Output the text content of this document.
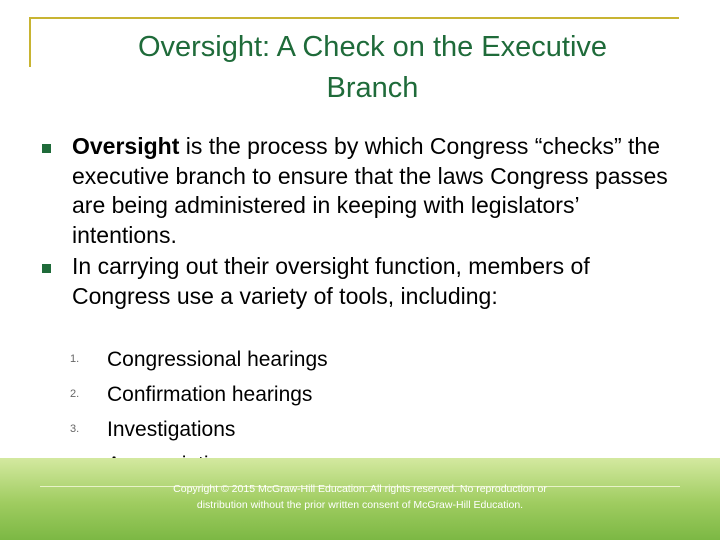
Oversight: A Check on the Executive Branch
Oversight is the process by which Congress “checks” the executive branch to ensure that the laws Congress passes are being administered in keeping with legislators’ intentions.
In carrying out their oversight function, members of Congress use a variety of tools, including:
1. Congressional hearings
2. Confirmation hearings
3. Investigations
Copyright © 2015 McGraw-Hill Education. All rights reserved. No reproduction or distribution without the prior written consent of McGraw-Hill Education.
